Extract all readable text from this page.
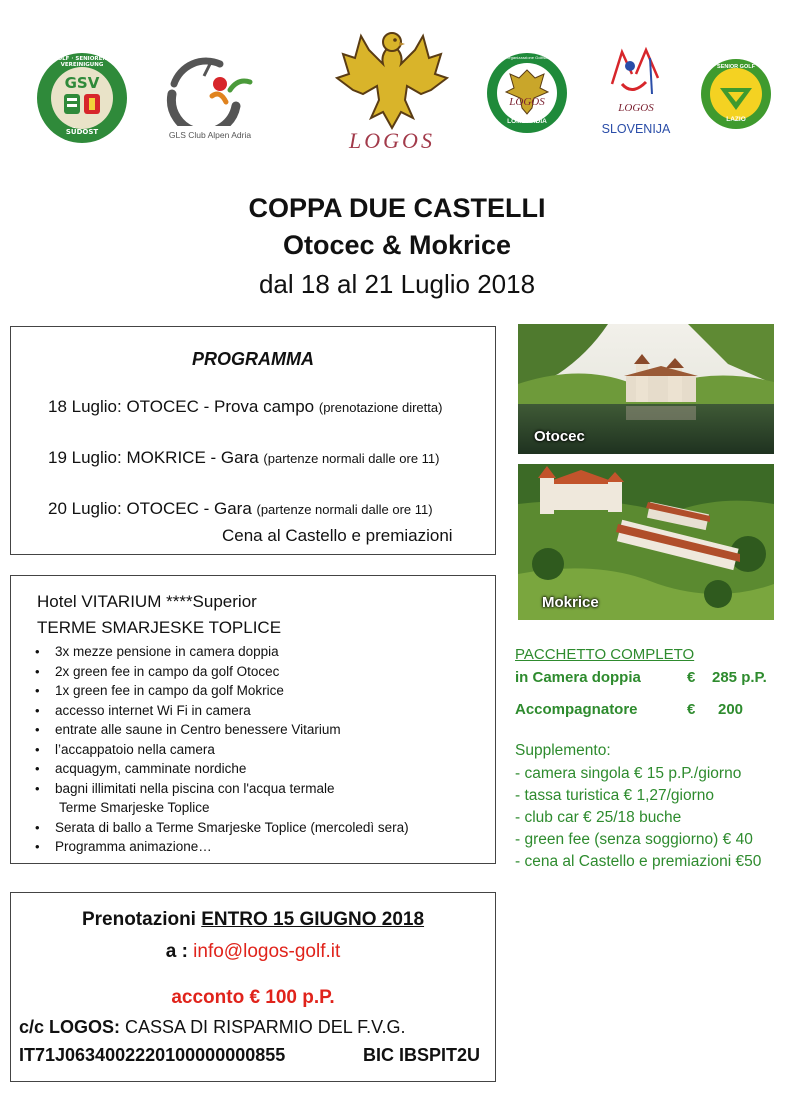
GSV
GOLF · SENIOREN · VEREINIGUNG
SÜDOST	GLS Club Alpen Adria	LOGOS
LOGOS
LOMBARDIA
Libera Organizzazione Golfisti Senior
LOGOS
SLOVENIJA
SENIOR GOLF
LAZIO
COPPA DUE CASTELLI
Otocec & Mokrice
dal 18 al 21 Luglio 2018
PROGRAMMA
18 Luglio: OTOCEC - Prova campo (prenotazione diretta)
19 Luglio: MOKRICE - Gara (partenze normali dalle ore 11)
20 Luglio: OTOCEC - Gara (partenze normali dalle ore 11)
Cena al Castello e premiazioni
Hotel VITARIUM ****Superior
TERME SMARJESKE TOPLICE
• 3x mezze pensione in camera doppia
• 2x green fee in campo da golf Otocec
• 1x green fee in campo da golf Mokrice
• accesso internet Wi Fi in camera
• entrate alle saune in Centro benessere Vitarium
• l’accappatoio nella camera
• acquagym, camminate nordiche
• bagni illimitati nella piscina con l'acqua termale
Terme Smarjeske Toplice
• Serata di ballo a Terme Smarjeske Toplice (mercoledì sera)
• Programma animazione…
Prenotazioni ENTRO 15 GIUGNO 2018
a : info@logos-golf.it
acconto € 100 p.P.
c/c LOGOS: CASSA DI RISPARMIO DEL F.V.G.
IT71J0634002220100000000855	BIC IBSPIT2U
Otocec
Mokrice
PACCHETTO COMPLETO
in Camera doppia	€ 285 p.P.
Accompagnatore	€ 200
Supplemento:
- camera singola € 15 p.P./giorno
- tassa turistica € 1,27/giorno
- club car € 25/18 buche
- green fee (senza soggiorno) € 40
- cena al Castello e premiazioni €50
